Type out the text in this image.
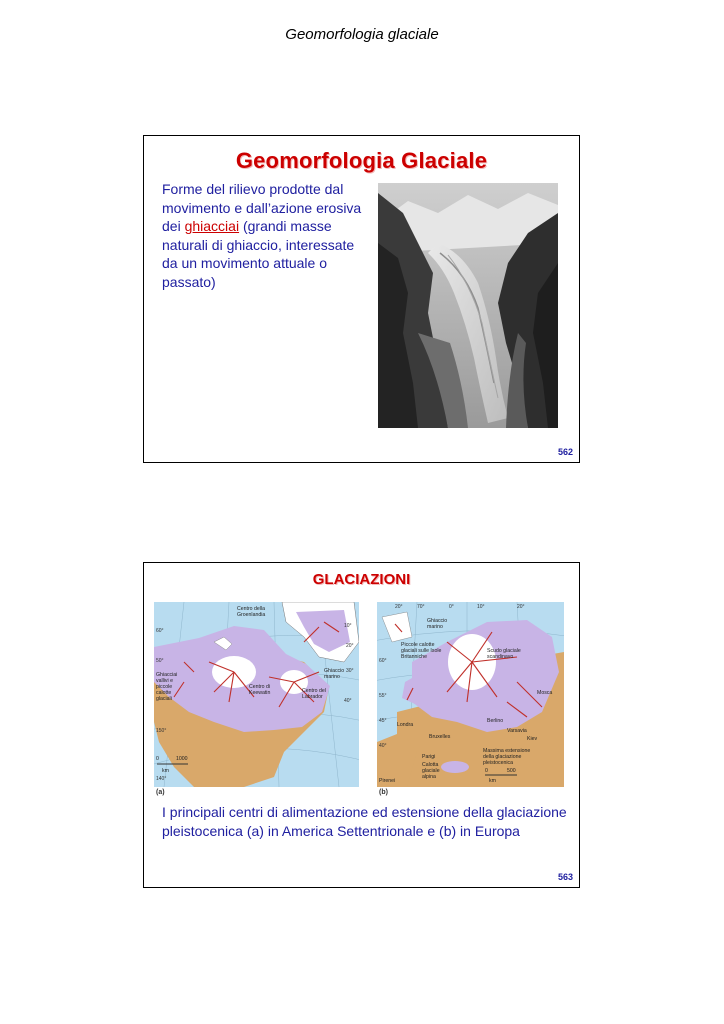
Geomorfologia glaciale
Geomorfologia Glaciale
Forme del rilievo prodotte dal movimento e dall’azione erosiva dei ghiacciai (grandi masse naturali di ghiaccio, interessate da un movimento attuale o passato)
562
GLACIAZIONI
Centro della
Groenlandia
Ghiacciai
vallivi e
piccole
calotte
glaciali
Centro di
Keewatin	Centro del
Labrador
Ghiaccio
marino
0	1000
km
10°
20°
30°
40°
60°
50°
150°
140°
(a)
Ghiaccio
marino
Piccole calotte
glaciali sulle Isole
Britanniche
Scudo glaciale
scandinavo
Mosca
Berlino
Varsavia
Kiev
Londra
Bruxelles
Parigi
Calotta
glaciale
alpina
Massima estensione
della glaciazione
pleistocenica
Pirenei
0	500
km
20°	70°	0°	10°	20°
60°
55°
45°
40°
(b)
I principali centri di alimentazione ed estensione della glaciazione pleistocenica (a) in America Settentrionale e (b) in Europa
563
